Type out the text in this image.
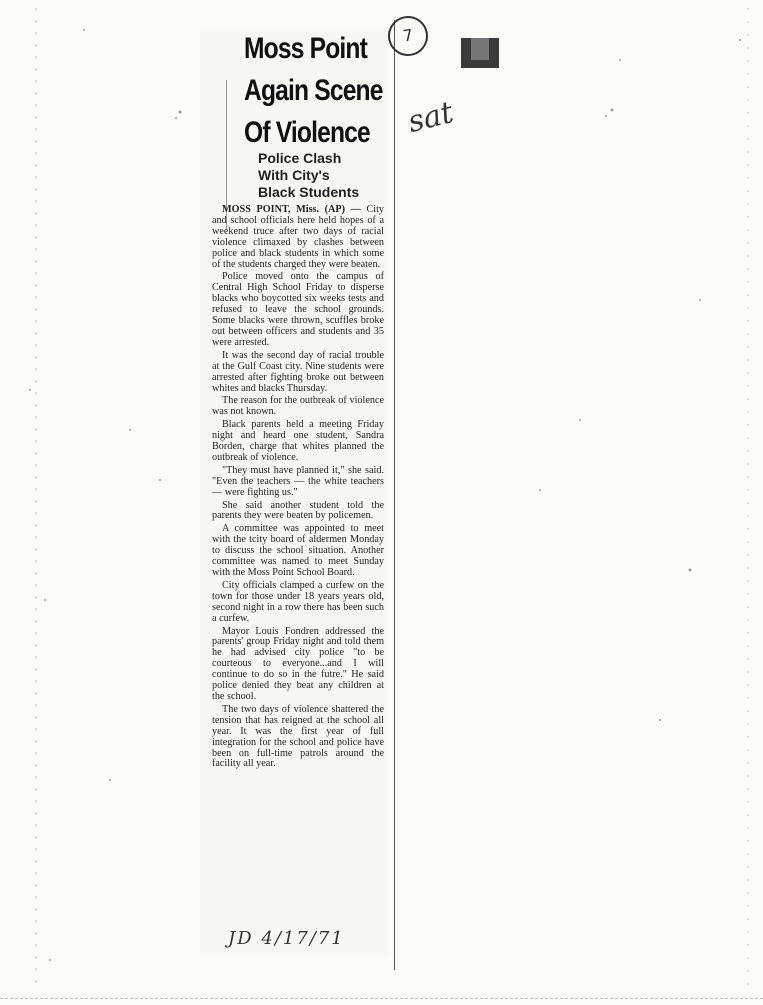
Moss Point
Again Scene
Of Violence
Police Clash
With City's
Black Students

MOSS POINT, Miss. (AP) — City and school officials here held hopes of a weekend truce after two days of racial violence climaxed by clashes between police and black students in which some of the students charged they were beaten.

Police moved onto the campus of Central High School Friday to disperse blacks who boycotted six weeks tests and refused to leave the school grounds. Some blacks were thrown, scuffles broke out between officers and students and 35 were arrested.

It was the second day of racial trouble at the Gulf Coast city. Nine students were arrested after fighting broke out between whites and blacks Thursday.

The reason for the outbreak of violence was not known.

Black parents held a meeting Friday night and heard one student, Sandra Borden, charge that whites planned the outbreak of violence.

"They must have planned it," she said. "Even the teachers — the white teachers — were fighting us."

She said another student told the parents they were beaten by policemen.

A committee was appointed to meet with the tcity board of aldermen Monday to discuss the school situation. Another committee was named to meet Sunday with the Moss Point School Board.

City officials clamped a curfew on the town for those under 18 years years old, second night in a row there has been such a curfew.

Mayor Louis Fondren addressed the parents' group Friday night and told them he had advised city police "to be courteous to everyone...and I will continue to do so in the futre." He said police denied they beat any children at the school.

The two days of violence shattered the tension that has reigned at the school all year. It was the first year of full integration for the school and police have been on full-time patrols around the facility all year.

7
sat
JD 4/17/71
